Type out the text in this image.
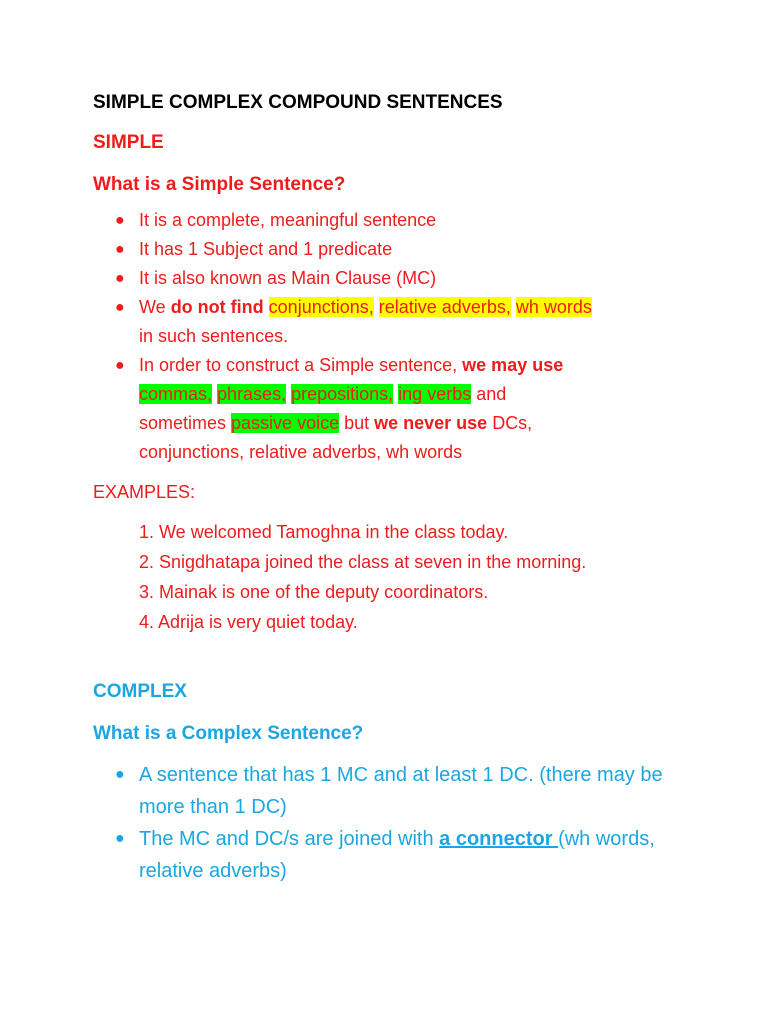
SIMPLE COMPLEX COMPOUND SENTENCES

SIMPLE

What is a Simple Sentence?

● It is a complete, meaningful sentence
● It has 1 Subject and 1 predicate
● It is also known as Main Clause (MC)
● We do not find conjunctions, relative adverbs, wh words
in such sentences.
● In order to construct a Simple sentence, we may use
commas, phrases, prepositions, ing verbs and
sometimes passive voice but we never use DCs,
conjunctions, relative adverbs, wh words

EXAMPLES:

1. We welcomed Tamoghna in the class today.
2. Snigdhatapa joined the class at seven in the morning.
3. Mainak is one of the deputy coordinators.
4. Adrija is very quiet today.

COMPLEX

What is a Complex Sentence?

● A sentence that has 1 MC and at least 1 DC. (there may be more than 1 DC)
● The MC and DC/s are joined with a connector (wh words, relative adverbs)
